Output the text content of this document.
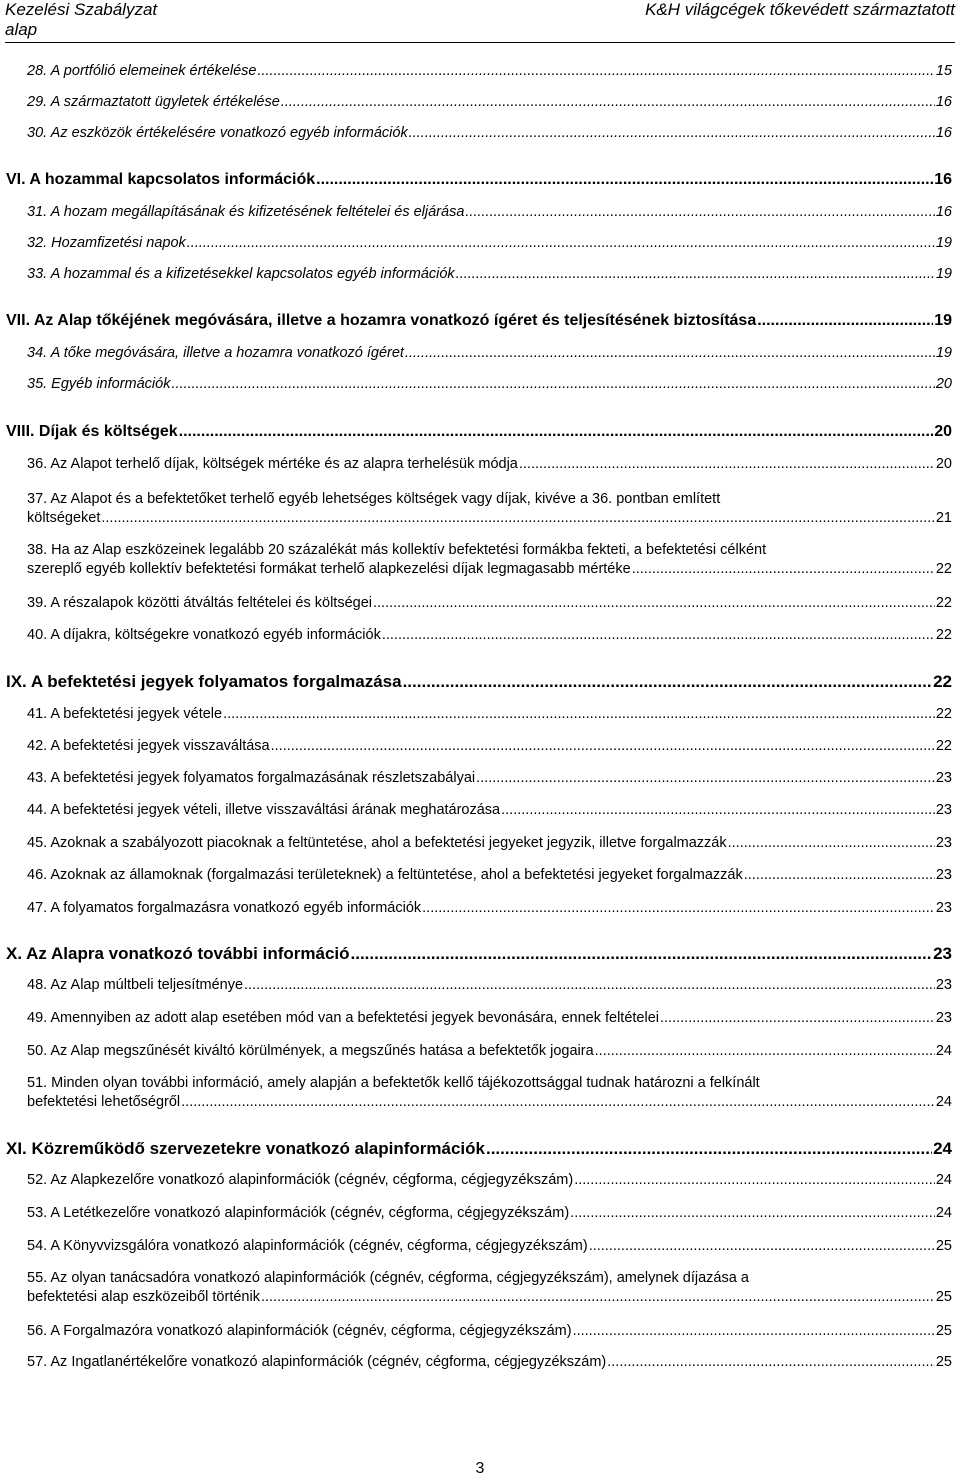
Kezelési Szabályzat
alap
K&H világcégek tőkevédett származtatott
28. A portfólió elemeinek értékelése .....	15
29. A származtatott ügyletek értékelése .....	16
30. Az eszközök értékelésére vonatkozó egyéb információk .....	16
VI. A hozammal kapcsolatos információk .....	16
31. A hozam megállapításának és kifizetésének feltételei és eljárása .....	16
32. Hozamfizetési napok .....	19
33. A hozammal és a kifizetésekkel kapcsolatos egyéb információk .....	19
VII. Az Alap tőkéjének megóvására, illetve a hozamra vonatkozó ígéret és teljesítésének biztosítása .....	19
34. A tőke megóvására, illetve a hozamra vonatkozó ígéret .....	19
35. Egyéb információk .....	20
VIII. Díjak és költségek .....	20
36. Az Alapot terhelő díjak, költségek mértéke és az alapra terhelésük módja .....	20
37. Az Alapot és a befektetőket terhelő egyéb lehetséges költségek vagy díjak, kivéve a 36. pontban említett
költségeket .....	21
38. Ha az Alap eszközeinek legalább 20 százalékát más kollektív befektetési formákba fekteti, a befektetési célként
szereplő egyéb kollektív befektetési formákat terhelő alapkezelési díjak legmagasabb mértéke .....	22
39. A részalapok közötti átváltás feltételei és költségei .....	22
40. A díjakra, költségekre vonatkozó egyéb információk .....	22
IX. A befektetési jegyek folyamatos forgalmazása .....	22
41. A befektetési jegyek vétele .....	22
42. A befektetési jegyek visszaváltása .....	22
43. A befektetési jegyek folyamatos forgalmazásának részletszabályai .....	23
44. A befektetési jegyek vételi, illetve visszaváltási árának meghatározása .....	23
45. Azoknak a szabályozott piacoknak a feltüntetése, ahol a befektetési jegyeket jegyzik, illetve forgalmazzák .....	23
46. Azoknak az államoknak (forgalmazási területeknek) a feltüntetése, ahol a befektetési jegyeket forgalmazzák .....	23
47. A folyamatos forgalmazásra vonatkozó egyéb információk .....	23
X. Az Alapra vonatkozó további információ .....	23
48. Az Alap múltbeli teljesítménye .....	23
49. Amennyiben az adott alap esetében mód van a befektetési jegyek bevonására, ennek feltételei .....	23
50. Az Alap megszűnését kiváltó körülmények, a megszűnés hatása a befektetők jogaira .....	24
51. Minden olyan további információ, amely alapján a befektetők kellő tájékozottsággal tudnak határozni a felkínált
befektetési lehetőségről .....	24
XI. Közreműködő szervezetekre vonatkozó alapinformációk .....	24
52. Az Alapkezelőre vonatkozó alapinformációk (cégnév, cégforma, cégjegyzékszám) .....	24
53. A Letétkezelőre vonatkozó alapinformációk (cégnév, cégforma, cégjegyzékszám) .....	24
54. A Könyvvizsgálóra vonatkozó alapinformációk (cégnév, cégforma, cégjegyzékszám) .....	25
55. Az olyan tanácsadóra vonatkozó alapinformációk (cégnév, cégforma, cégjegyzékszám), amelynek díjazása a
befektetési alap eszközeiből történik .....	25
56. A Forgalmazóra vonatkozó alapinformációk (cégnév, cégforma, cégjegyzékszám) .....	25
57. Az Ingatlanértékelőre vonatkozó alapinformációk (cégnév, cégforma, cégjegyzékszám) .....	25
3
